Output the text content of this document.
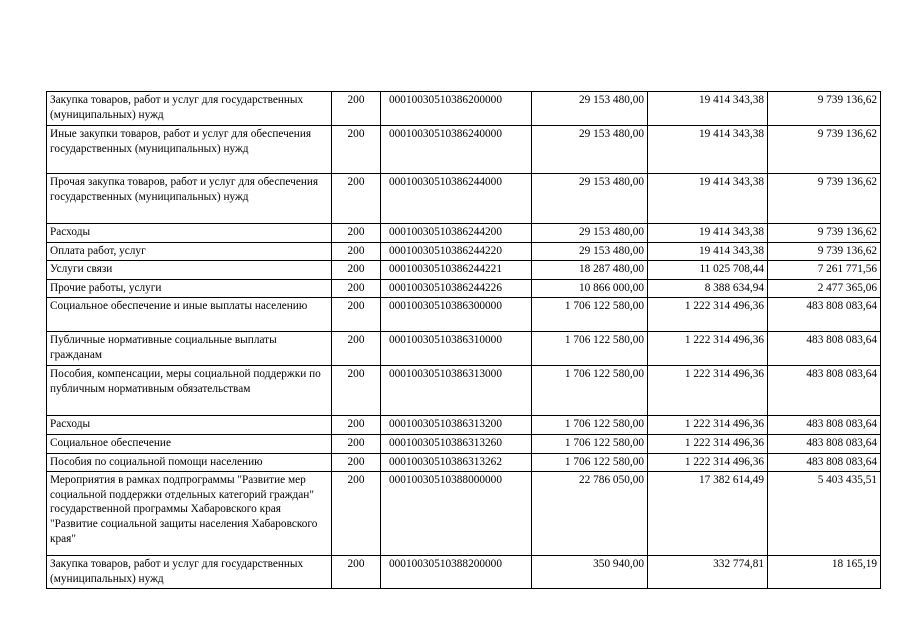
Закупка товаров, работ и услуг для государственных (муниципальных) нужд	200	00010030510386200000	29 153 480,00	19 414 343,38	9 739 136,62
Иные закупки товаров, работ и услуг для обеспечения государственных (муниципальных) нужд	200	00010030510386240000	29 153 480,00	19 414 343,38	9 739 136,62
Прочая закупка товаров, работ и услуг для обеспечения государственных (муниципальных) нужд	200	00010030510386244000	29 153 480,00	19 414 343,38	9 739 136,62
Расходы	200	00010030510386244200	29 153 480,00	19 414 343,38	9 739 136,62
Оплата работ, услуг	200	00010030510386244220	29 153 480,00	19 414 343,38	9 739 136,62
Услуги связи	200	00010030510386244221	18 287 480,00	11 025 708,44	7 261 771,56
Прочие работы, услуги	200	00010030510386244226	10 866 000,00	8 388 634,94	2 477 365,06
Социальное обеспечение и иные выплаты населению	200	00010030510386300000	1 706 122 580,00	1 222 314 496,36	483 808 083,64
Публичные нормативные социальные выплаты гражданам	200	00010030510386310000	1 706 122 580,00	1 222 314 496,36	483 808 083,64
Пособия, компенсации, меры социальной поддержки по публичным нормативным обязательствам	200	00010030510386313000	1 706 122 580,00	1 222 314 496,36	483 808 083,64
Расходы	200	00010030510386313200	1 706 122 580,00	1 222 314 496,36	483 808 083,64
Социальное обеспечение	200	00010030510386313260	1 706 122 580,00	1 222 314 496,36	483 808 083,64
Пособия по социальной помощи населению	200	00010030510386313262	1 706 122 580,00	1 222 314 496,36	483 808 083,64
Мероприятия в рамках подпрограммы "Развитие мер социальной поддержки отдельных категорий граждан" государственной программы Хабаровского края "Развитие социальной защиты населения Хабаровского края"	200	00010030510388000000	22 786 050,00	17 382 614,49	5 403 435,51
Закупка товаров, работ и услуг для государственных (муниципальных) нужд	200	00010030510388200000	350 940,00	332 774,81	18 165,19
